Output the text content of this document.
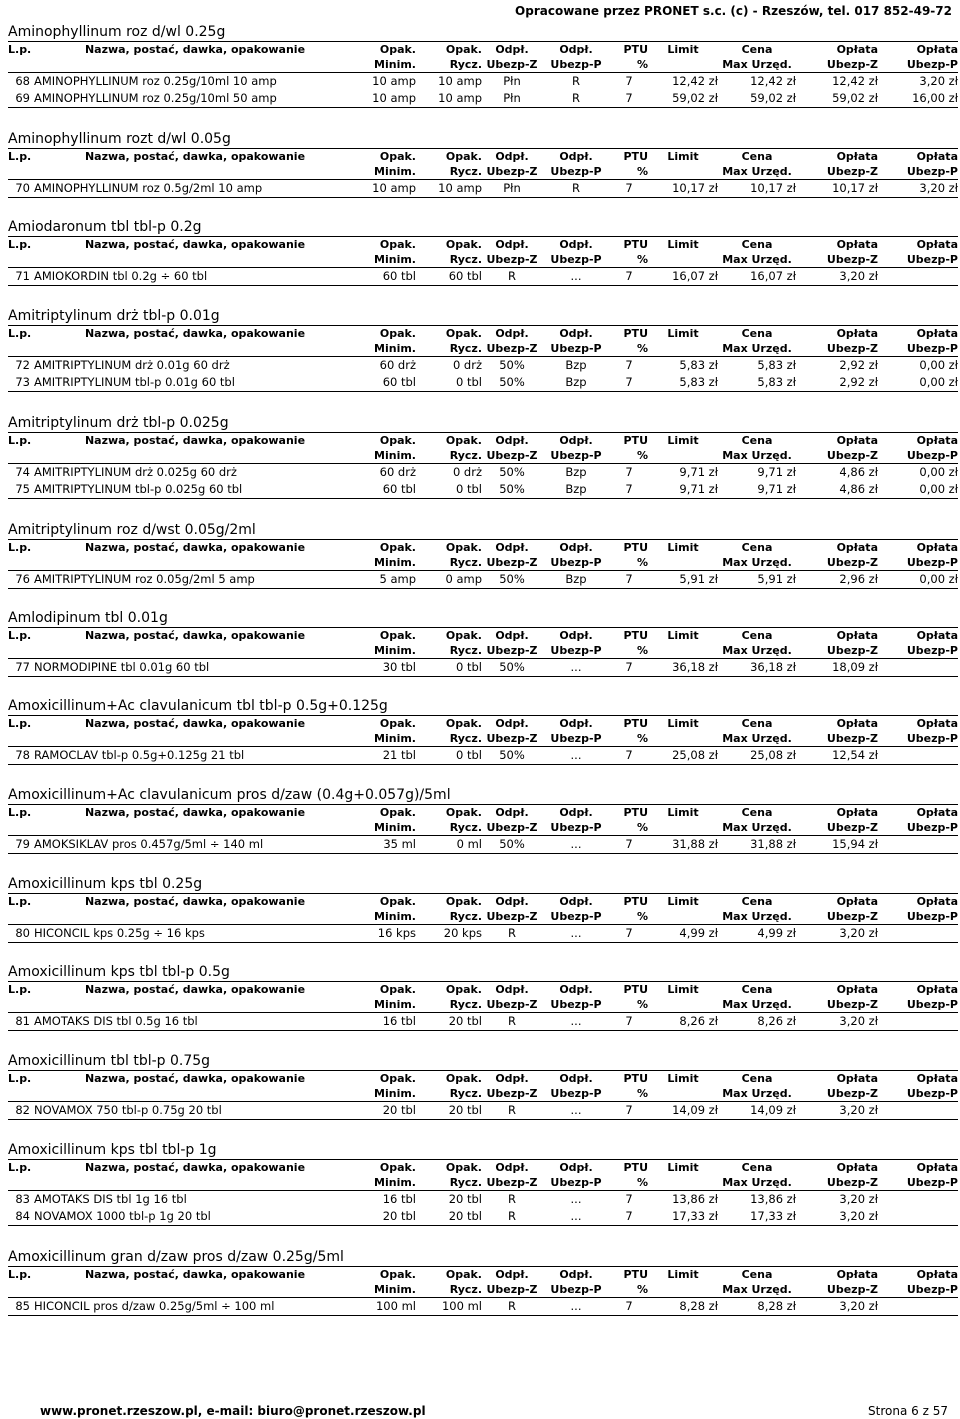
Opracowane przez PRONET s.c. (c) - Rzeszów, tel. 017 852-49-72
Aminophyllinum roz d/wl 0.25g
L.p.	Nazwa, postać, dawka, opakowanie	Opak.	Opak.	Odpł.	Odpł.	PTU	Limit	Cena	Opłata	Opłata
		Minim.	Rycz.	Ubezp-Z	Ubezp-P	%		Max Urzęd.	Ubezp-Z	Ubezp-P
68	AMINOPHYLLINUM roz 0.25g/10ml 10 amp	10 amp	10 amp	Płn	R	7	12,42 zł	12,42 zł	12,42 zł	3,20 zł
69	AMINOPHYLLINUM roz 0.25g/10ml 50 amp	10 amp	10 amp	Płn	R	7	59,02 zł	59,02 zł	59,02 zł	16,00 zł
Aminophyllinum rozt d/wl 0.05g
L.p.	Nazwa, postać, dawka, opakowanie	Opak.	Opak.	Odpł.	Odpł.	PTU	Limit	Cena	Opłata	Opłata
		Minim.	Rycz.	Ubezp-Z	Ubezp-P	%		Max Urzęd.	Ubezp-Z	Ubezp-P
70	AMINOPHYLLINUM roz 0.5g/2ml 10 amp	10 amp	10 amp	Płn	R	7	10,17 zł	10,17 zł	10,17 zł	3,20 zł
Amiodaronum tbl tbl-p 0.2g
L.p.	Nazwa, postać, dawka, opakowanie	Opak.	Opak.	Odpł.	Odpł.	PTU	Limit	Cena	Opłata	Opłata
		Minim.	Rycz.	Ubezp-Z	Ubezp-P	%		Max Urzęd.	Ubezp-Z	Ubezp-P
71	AMIOKORDIN tbl 0.2g ÷ 60 tbl	60 tbl	60 tbl	R	...	7	16,07 zł	16,07 zł	3,20 zł	
Amitriptylinum drż tbl-p 0.01g
L.p.	Nazwa, postać, dawka, opakowanie	Opak.	Opak.	Odpł.	Odpł.	PTU	Limit	Cena	Opłata	Opłata
		Minim.	Rycz.	Ubezp-Z	Ubezp-P	%		Max Urzęd.	Ubezp-Z	Ubezp-P
72	AMITRIPTYLINUM drż 0.01g 60 drż	60 drż	0 drż	50%	Bzp	7	5,83 zł	5,83 zł	2,92 zł	0,00 zł
73	AMITRIPTYLINUM tbl-p 0.01g 60 tbl	60 tbl	0 tbl	50%	Bzp	7	5,83 zł	5,83 zł	2,92 zł	0,00 zł
Amitriptylinum drż tbl-p 0.025g
L.p.	Nazwa, postać, dawka, opakowanie	Opak.	Opak.	Odpł.	Odpł.	PTU	Limit	Cena	Opłata	Opłata
		Minim.	Rycz.	Ubezp-Z	Ubezp-P	%		Max Urzęd.	Ubezp-Z	Ubezp-P
74	AMITRIPTYLINUM drż 0.025g 60 drż	60 drż	0 drż	50%	Bzp	7	9,71 zł	9,71 zł	4,86 zł	0,00 zł
75	AMITRIPTYLINUM tbl-p 0.025g 60 tbl	60 tbl	0 tbl	50%	Bzp	7	9,71 zł	9,71 zł	4,86 zł	0,00 zł
Amitriptylinum roz d/wst 0.05g/2ml
L.p.	Nazwa, postać, dawka, opakowanie	Opak.	Opak.	Odpł.	Odpł.	PTU	Limit	Cena	Opłata	Opłata
		Minim.	Rycz.	Ubezp-Z	Ubezp-P	%		Max Urzęd.	Ubezp-Z	Ubezp-P
76	AMITRIPTYLINUM roz 0.05g/2ml 5 amp	5 amp	0 amp	50%	Bzp	7	5,91 zł	5,91 zł	2,96 zł	0,00 zł
Amlodipinum tbl 0.01g
L.p.	Nazwa, postać, dawka, opakowanie	Opak.	Opak.	Odpł.	Odpł.	PTU	Limit	Cena	Opłata	Opłata
		Minim.	Rycz.	Ubezp-Z	Ubezp-P	%		Max Urzęd.	Ubezp-Z	Ubezp-P
77	NORMODIPINE tbl 0.01g 60 tbl	30 tbl	0 tbl	50%	...	7	36,18 zł	36,18 zł	18,09 zł	
Amoxicillinum+Ac clavulanicum tbl tbl-p 0.5g+0.125g
L.p.	Nazwa, postać, dawka, opakowanie	Opak.	Opak.	Odpł.	Odpł.	PTU	Limit	Cena	Opłata	Opłata
		Minim.	Rycz.	Ubezp-Z	Ubezp-P	%		Max Urzęd.	Ubezp-Z	Ubezp-P
78	RAMOCLAV tbl-p 0.5g+0.125g 21 tbl	21 tbl	0 tbl	50%	...	7	25,08 zł	25,08 zł	12,54 zł	
Amoxicillinum+Ac clavulanicum pros d/zaw (0.4g+0.057g)/5ml
L.p.	Nazwa, postać, dawka, opakowanie	Opak.	Opak.	Odpł.	Odpł.	PTU	Limit	Cena	Opłata	Opłata
		Minim.	Rycz.	Ubezp-Z	Ubezp-P	%		Max Urzęd.	Ubezp-Z	Ubezp-P
79	AMOKSIKLAV pros 0.457g/5ml ÷ 140 ml	35 ml	0 ml	50%	...	7	31,88 zł	31,88 zł	15,94 zł	
Amoxicillinum kps tbl 0.25g
L.p.	Nazwa, postać, dawka, opakowanie	Opak.	Opak.	Odpł.	Odpł.	PTU	Limit	Cena	Opłata	Opłata
		Minim.	Rycz.	Ubezp-Z	Ubezp-P	%		Max Urzęd.	Ubezp-Z	Ubezp-P
80	HICONCIL kps 0.25g ÷ 16 kps	16 kps	20 kps	R	...	7	4,99 zł	4,99 zł	3,20 zł	
Amoxicillinum kps tbl tbl-p 0.5g
L.p.	Nazwa, postać, dawka, opakowanie	Opak.	Opak.	Odpł.	Odpł.	PTU	Limit	Cena	Opłata	Opłata
		Minim.	Rycz.	Ubezp-Z	Ubezp-P	%		Max Urzęd.	Ubezp-Z	Ubezp-P
81	AMOTAKS DIS tbl 0.5g 16 tbl	16 tbl	20 tbl	R	...	7	8,26 zł	8,26 zł	3,20 zł	
Amoxicillinum tbl tbl-p 0.75g
L.p.	Nazwa, postać, dawka, opakowanie	Opak.	Opak.	Odpł.	Odpł.	PTU	Limit	Cena	Opłata	Opłata
		Minim.	Rycz.	Ubezp-Z	Ubezp-P	%		Max Urzęd.	Ubezp-Z	Ubezp-P
82	NOVAMOX 750 tbl-p 0.75g 20 tbl	20 tbl	20 tbl	R	...	7	14,09 zł	14,09 zł	3,20 zł	
Amoxicillinum kps tbl tbl-p 1g
L.p.	Nazwa, postać, dawka, opakowanie	Opak.	Opak.	Odpł.	Odpł.	PTU	Limit	Cena	Opłata	Opłata
		Minim.	Rycz.	Ubezp-Z	Ubezp-P	%		Max Urzęd.	Ubezp-Z	Ubezp-P
83	AMOTAKS DIS tbl 1g 16 tbl	16 tbl	20 tbl	R	...	7	13,86 zł	13,86 zł	3,20 zł	
84	NOVAMOX 1000 tbl-p 1g 20 tbl	20 tbl	20 tbl	R	...	7	17,33 zł	17,33 zł	3,20 zł	
Amoxicillinum gran d/zaw pros d/zaw 0.25g/5ml
L.p.	Nazwa, postać, dawka, opakowanie	Opak.	Opak.	Odpł.	Odpł.	PTU	Limit	Cena	Opłata	Opłata
		Minim.	Rycz.	Ubezp-Z	Ubezp-P	%		Max Urzęd.	Ubezp-Z	Ubezp-P
85	HICONCIL pros d/zaw 0.25g/5ml ÷ 100 ml	100 ml	100 ml	R	...	7	8,28 zł	8,28 zł	3,20 zł	
www.pronet.rzeszow.pl, e-mail: biuro@pronet.rzeszow.pl	Strona 6 z 57
